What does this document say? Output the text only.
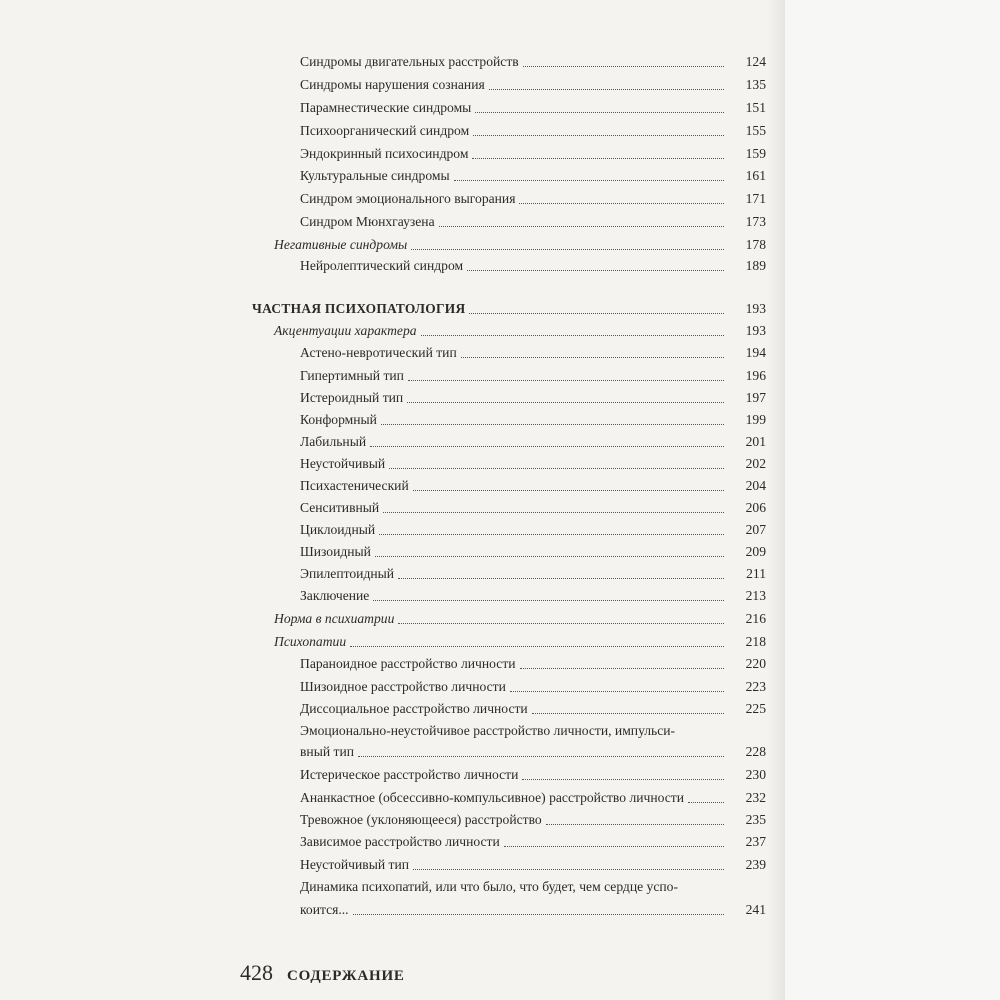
Синдромы двигательных расстройств	124
Синдромы нарушения сознания	135
Парамнестические синдромы	151
Психоорганический синдром	155
Эндокринный психосиндром	159
Культуральные синдромы	161
Синдром эмоционального выгорания	171
Синдром Мюнхгаузена	173
Негативные синдромы	178
Нейролептический синдром	189
ЧАСТНАЯ ПСИХОПАТОЛОГИЯ	193
Акцентуации характера	193
Астено-невротический тип	194
Гипертимный тип	196
Истероидный тип	197
Конформный	199
Лабильный	201
Неустойчивый	202
Психастенический	204
Сенситивный	206
Циклоидный	207
Шизоидный	209
Эпилептоидный	211
Заключение	213
Норма в психиатрии	216
Психопатии	218
Параноидное расстройство личности	220
Шизоидное расстройство личности	223
Диссоциальное расстройство личности	225
Эмоционально-неустойчивое расстройство личности, импульси-
вный тип	228
Истерическое расстройство личности	230
Ананкастное (обсессивно-компульсивное) расстройство личности	232
Тревожное (уклоняющееся) расстройство	235
Зависимое расстройство личности	237
Неустойчивый тип	239
Динамика психопатий, или что было, что будет, чем сердце успо-
коится...	241
428 СОДЕРЖАНИЕ
